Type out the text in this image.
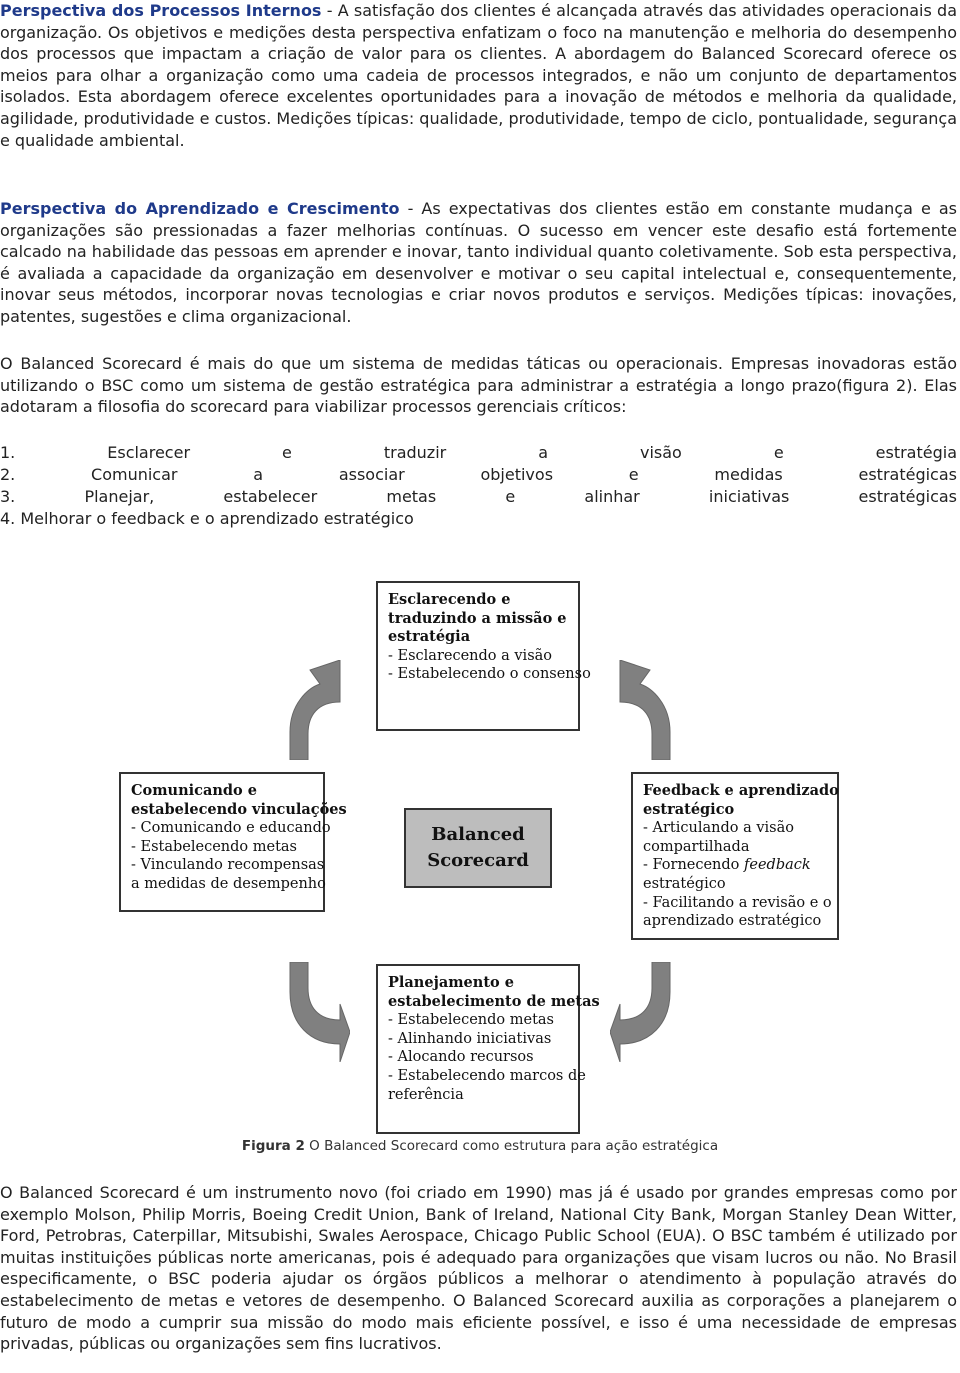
Perspectiva dos Processos Internos - A satisfação dos clientes é alcançada através das atividades operacionais da organização. Os objetivos e medições desta perspectiva enfatizam o foco na manutenção e melhoria do desempenho dos processos que impactam a criação de valor para os clientes. A abordagem do Balanced Scorecard oferece os meios para olhar a organização como uma cadeia de processos integrados, e não um conjunto de departamentos isolados. Esta abordagem oferece excelentes oportunidades para a inovação de métodos e melhoria da qualidade, agilidade, produtividade e custos. Medições típicas: qualidade, produtividade, tempo de ciclo, pontualidade, segurança e qualidade ambiental.

Perspectiva do Aprendizado e Crescimento - As expectativas dos clientes estão em constante mudança e as organizações são pressionadas a fazer melhorias contínuas. O sucesso em vencer este desafio está fortemente calcado na habilidade das pessoas em aprender e inovar, tanto individual quanto coletivamente. Sob esta perspectiva, é avaliada a capacidade da organização em desenvolver e motivar o seu capital intelectual e, consequentemente, inovar seus métodos, incorporar novas tecnologias e criar novos produtos e serviços. Medições típicas: inovações, patentes, sugestões e clima organizacional.

O Balanced Scorecard é mais do que um sistema de medidas táticas ou operacionais. Empresas inovadoras estão utilizando o BSC como um sistema de gestão estratégica para administrar a estratégia a longo prazo(figura 2). Elas adotaram a filosofia do scorecard para viabilizar processos gerenciais críticos:

1. Esclarecer e traduzir a visão e estratégia
2. Comunicar a associar objetivos e medidas estratégicas
3. Planejar, estabelecer metas e alinhar iniciativas estratégicas
4. Melhorar o feedback e o aprendizado estratégico
Esclarecendo e
traduzindo a missão e
estratégia
- Esclarecendo a visão
- Estabelecendo o consenso
Comunicando e
estabelecendo vinculações
- Comunicando e educando
- Estabelecendo metas
- Vinculando recompensas
a medidas de desempenho
Balanced
Scorecard
Feedback e aprendizado
estratégico
- Articulando a visão
compartilhada
- Fornecendo feedback
estratégico
- Facilitando a revisão e o
aprendizado estratégico
Planejamento e
estabelecimento de metas
- Estabelecendo metas
- Alinhando iniciativas
- Alocando recursos
- Estabelecendo marcos de
referência
Figura 2 O Balanced Scorecard como estrutura para ação estratégica

O Balanced Scorecard é um instrumento novo (foi criado em 1990) mas já é usado por grandes empresas como por exemplo Molson, Philip Morris, Boeing Credit Union, Bank of Ireland, National City Bank, Morgan Stanley Dean Witter, Ford, Petrobras, Caterpillar, Mitsubishi, Swales Aerospace, Chicago Public School (EUA). O BSC também é utilizado por muitas instituições públicas norte americanas, pois é adequado para organizações que visam lucros ou não. No Brasil especificamente, o BSC poderia ajudar os órgãos públicos a melhorar o atendimento à população através do estabelecimento de metas e vetores de desempenho. O Balanced Scorecard auxilia as corporações a planejarem o futuro de modo a cumprir sua missão do modo mais eficiente possível, e isso é uma necessidade de empresas privadas, públicas ou organizações sem fins lucrativos.
